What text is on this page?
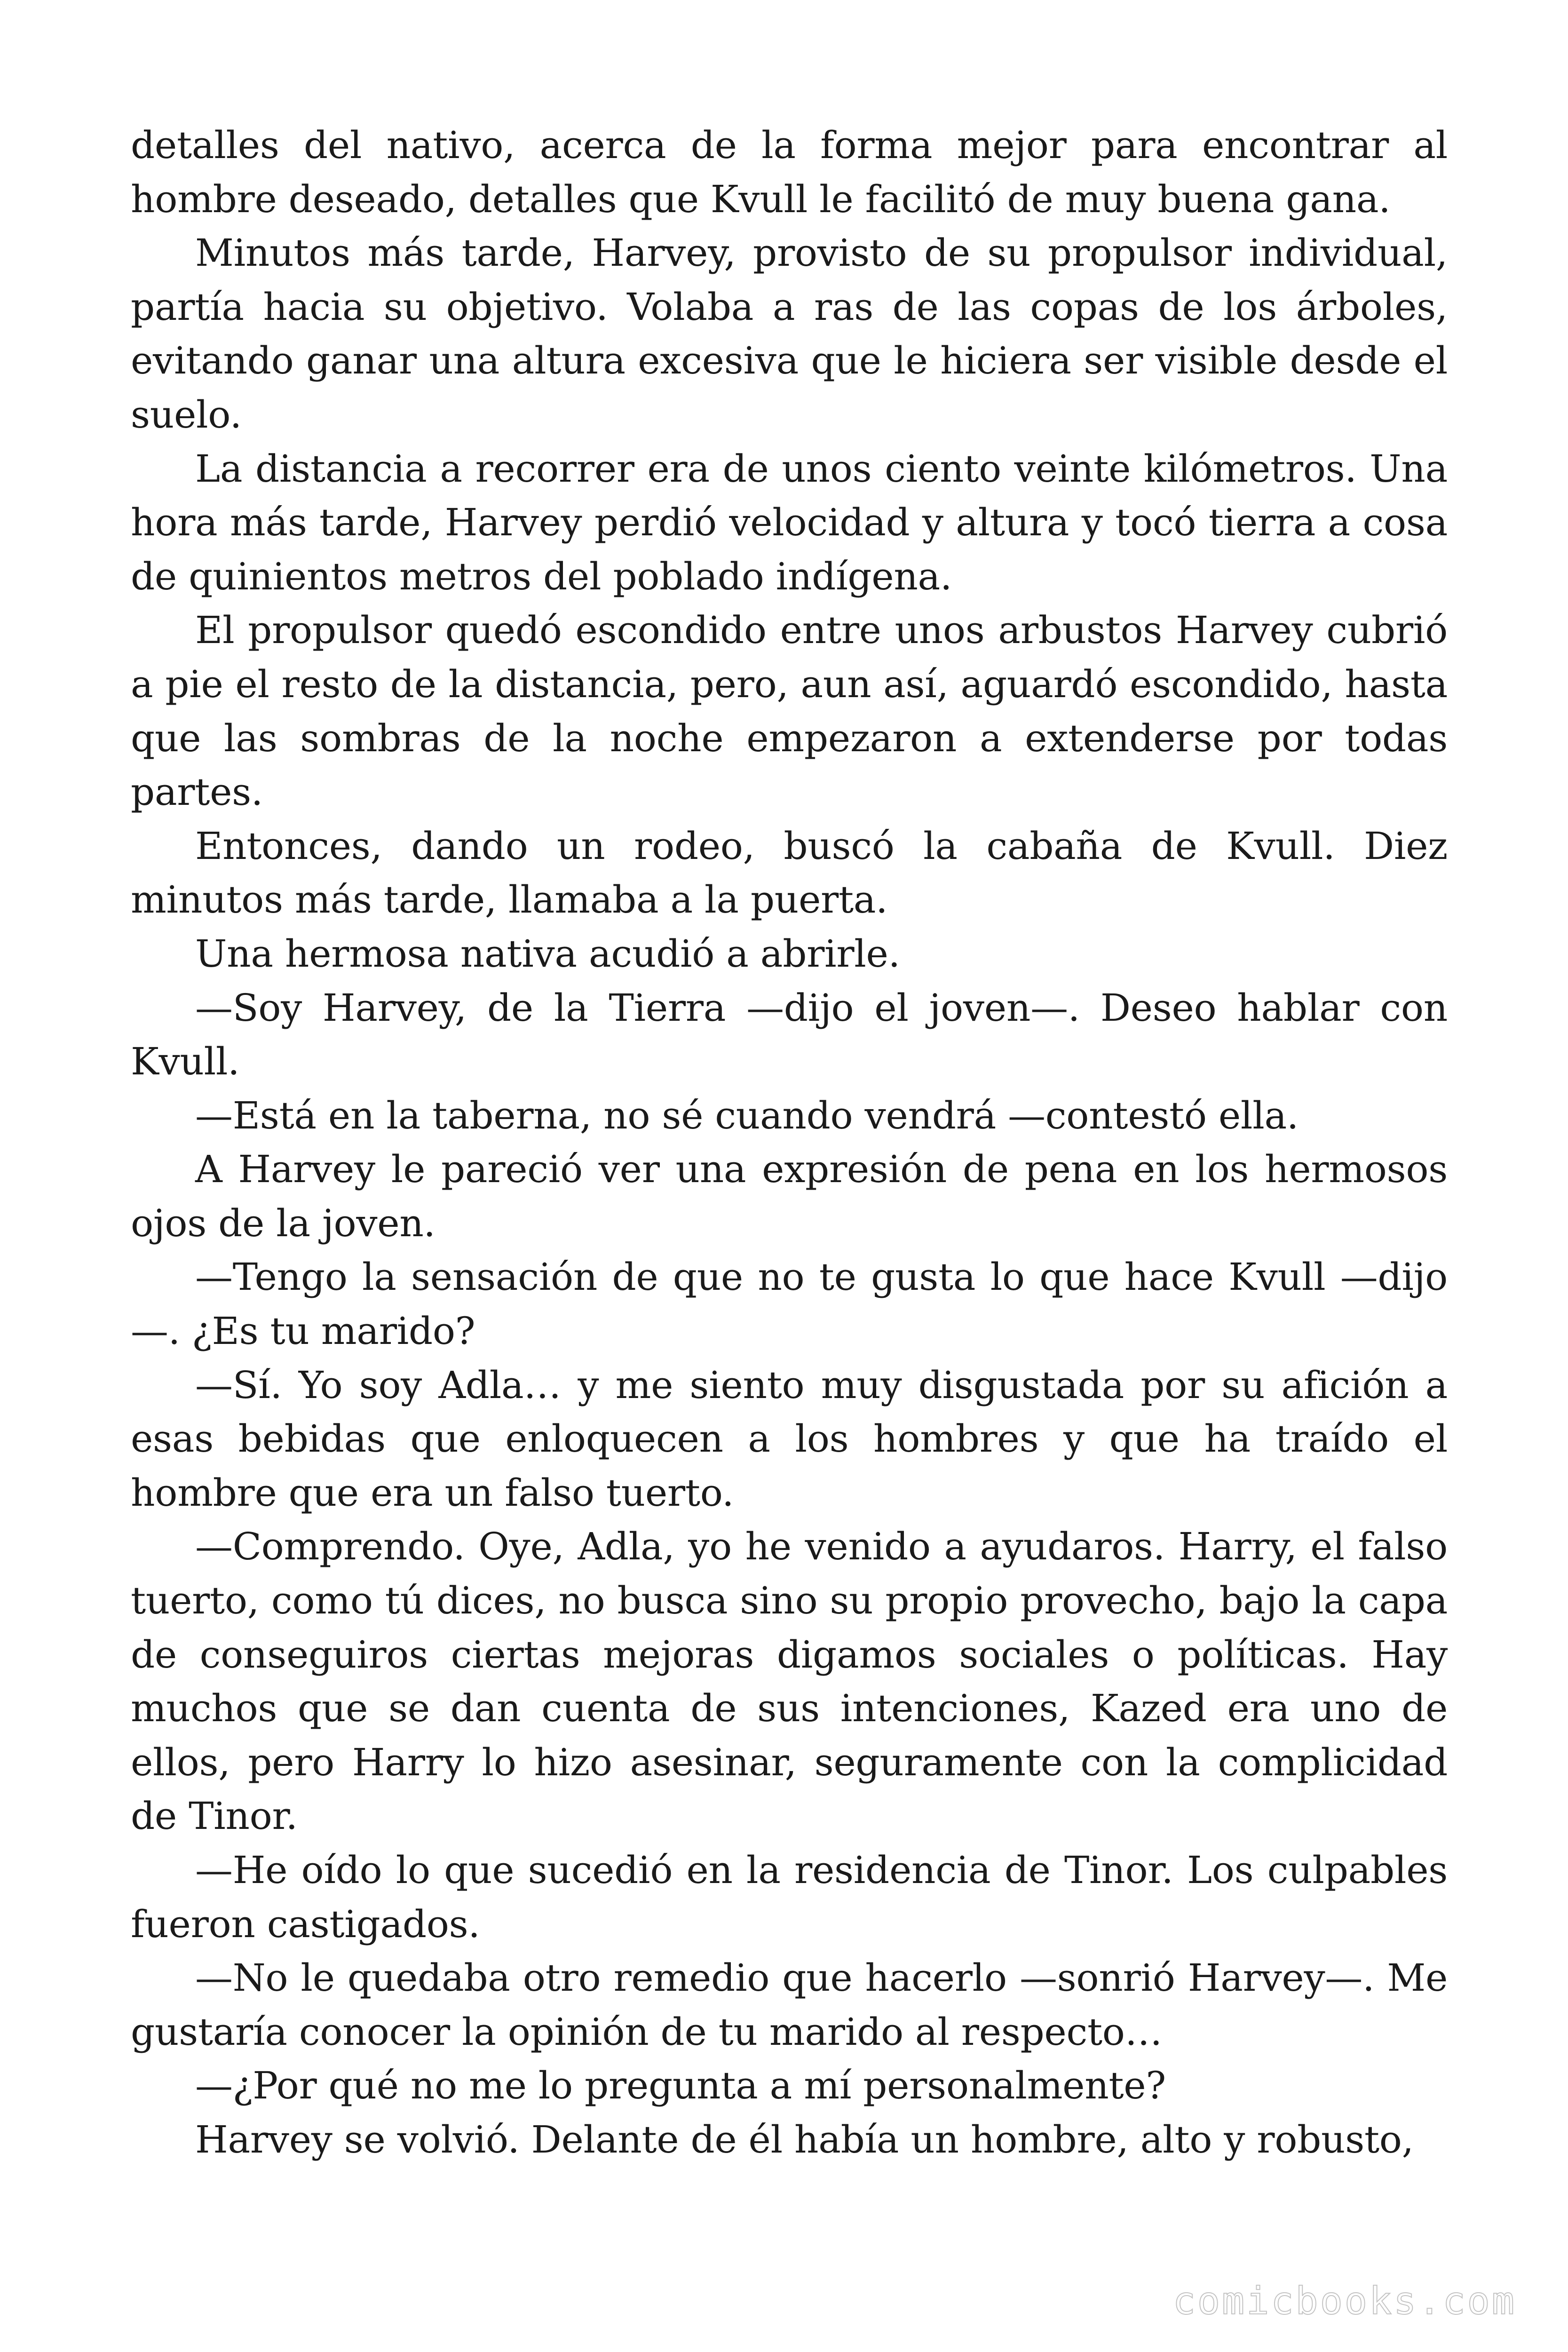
detalles del nativo, acerca de la forma mejor para encontrar al hombre deseado, detalles que Kvull le facilitó de muy buena gana.

Minutos más tarde, Harvey, provisto de su propulsor individual, partía hacia su objetivo. Volaba a ras de las copas de los árboles, evitando ganar una altura excesiva que le hiciera ser visible desde el suelo.

La distancia a recorrer era de unos ciento veinte kilómetros. Una hora más tarde, Harvey perdió velocidad y altura y tocó tierra a cosa de quinientos metros del poblado indígena.

El propulsor quedó escondido entre unos arbustos Harvey cubrió a pie el resto de la distancia, pero, aun así, aguardó escondido, hasta que las sombras de la noche empezaron a extenderse por todas partes.

Entonces, dando un rodeo, buscó la cabaña de Kvull. Diez minutos más tarde, llamaba a la puerta.

Una hermosa nativa acudió a abrirle.

—Soy Harvey, de la Tierra —dijo el joven—. Deseo hablar con Kvull.

—Está en la taberna, no sé cuando vendrá —contestó ella.

A Harvey le pareció ver una expresión de pena en los hermosos ojos de la joven.

—Tengo la sensación de que no te gusta lo que hace Kvull —dijo —. ¿Es tu marido?

—Sí. Yo soy Adla… y me siento muy disgustada por su afición a esas bebidas que enloquecen a los hombres y que ha traído el hombre que era un falso tuerto.

—Comprendo. Oye, Adla, yo he venido a ayudaros. Harry, el falso tuerto, como tú dices, no busca sino su propio provecho, bajo la capa de conseguiros ciertas mejoras digamos sociales o políticas. Hay muchos que se dan cuenta de sus intenciones, Kazed era uno de ellos, pero Harry lo hizo asesinar, seguramente con la complicidad de Tinor.

—He oído lo que sucedió en la residencia de Tinor. Los culpables fueron castigados.

—No le quedaba otro remedio que hacerlo —sonrió Harvey—. Me gustaría conocer la opinión de tu marido al respecto…

—¿Por qué no me lo pregunta a mí personalmente?

Harvey se volvió. Delante de él había un hombre, alto y robusto,

comicbooks.com
